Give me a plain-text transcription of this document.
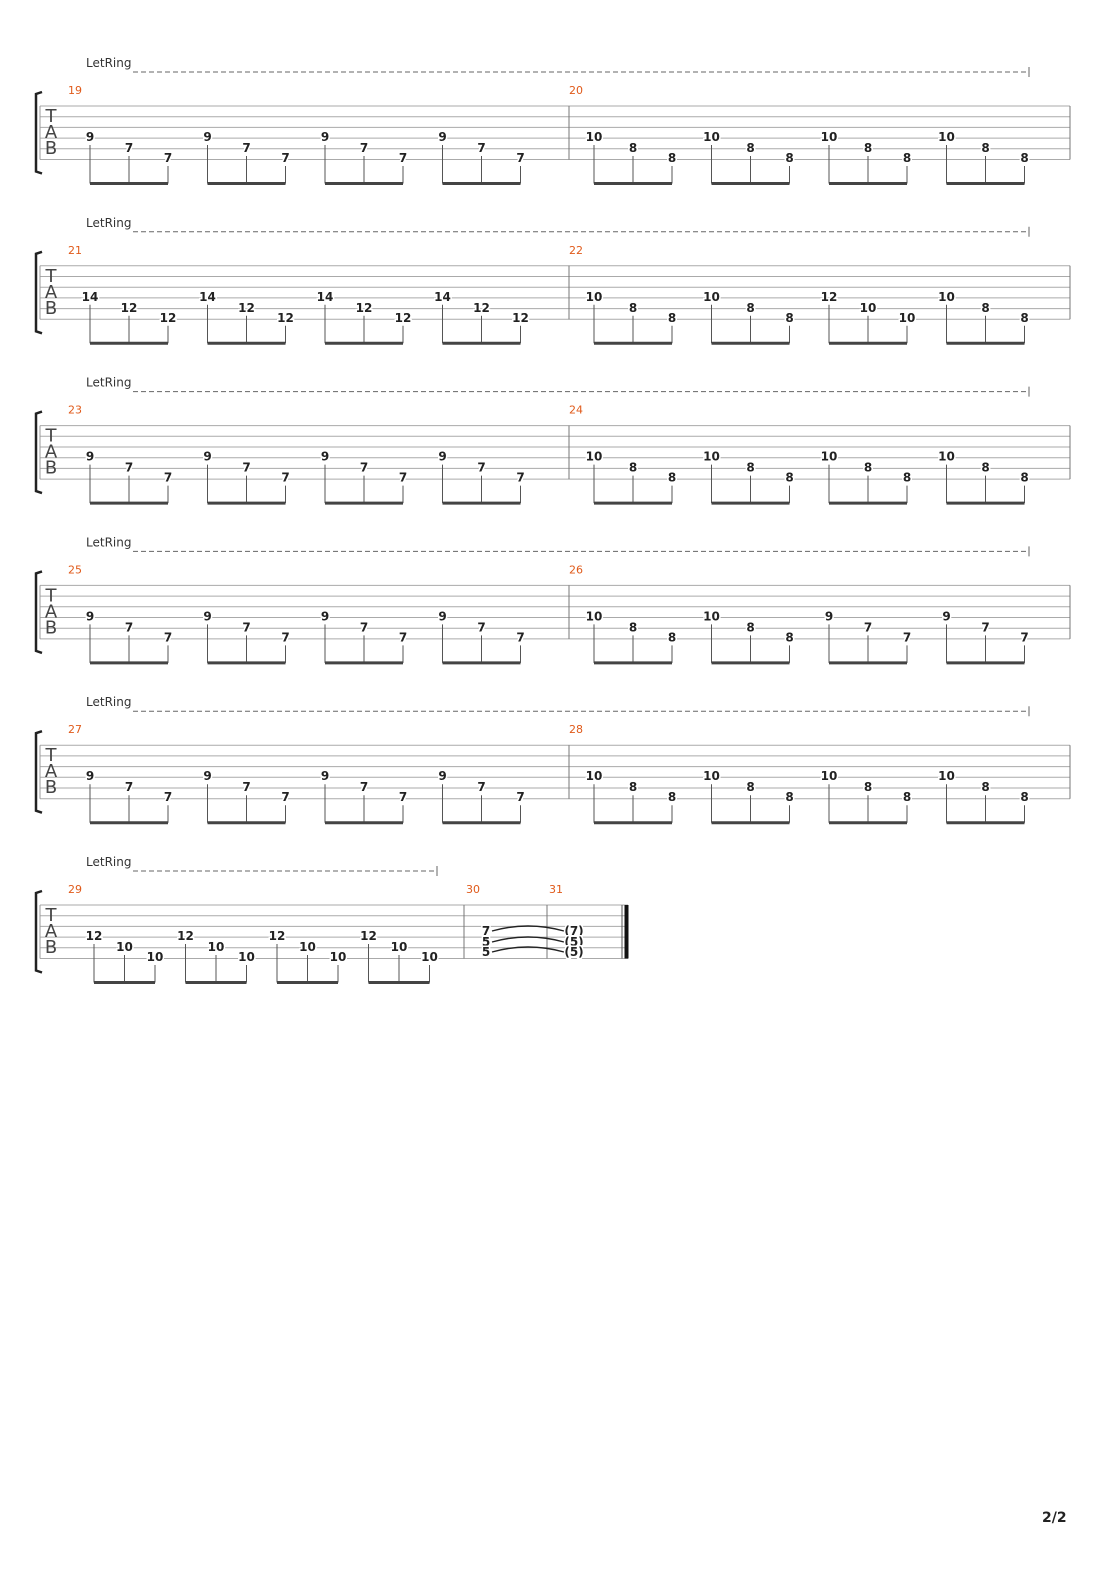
LetRing
T
A
B
19
9
7
7
9
7
7
9
7
7
9
7
7
20
10
8
8
10
8
8
10
8
8
10
8
8
LetRing
T
A
B
21
14
12
12
14
12
12
14
12
12
14
12
12
22
10
8
8
10
8
8
12
10
10
10
8
8
LetRing
T
A
B
23
9
7
7
9
7
7
9
7
7
9
7
7
24
10
8
8
10
8
8
10
8
8
10
8
8
LetRing
T
A
B
25
9
7
7
9
7
7
9
7
7
9
7
7
26
10
8
8
10
8
8
9
7
7
9
7
7
LetRing
T
A
B
27
9
7
7
9
7
7
9
7
7
9
7
7
28
10
8
8
10
8
8
10
8
8
10
8
8
LetRing
T
A
B
29
12
10
10
12
10
10
12
10
10
12
10
10
30	31
7
5
5
(7)
(5)
(5)
2/2
